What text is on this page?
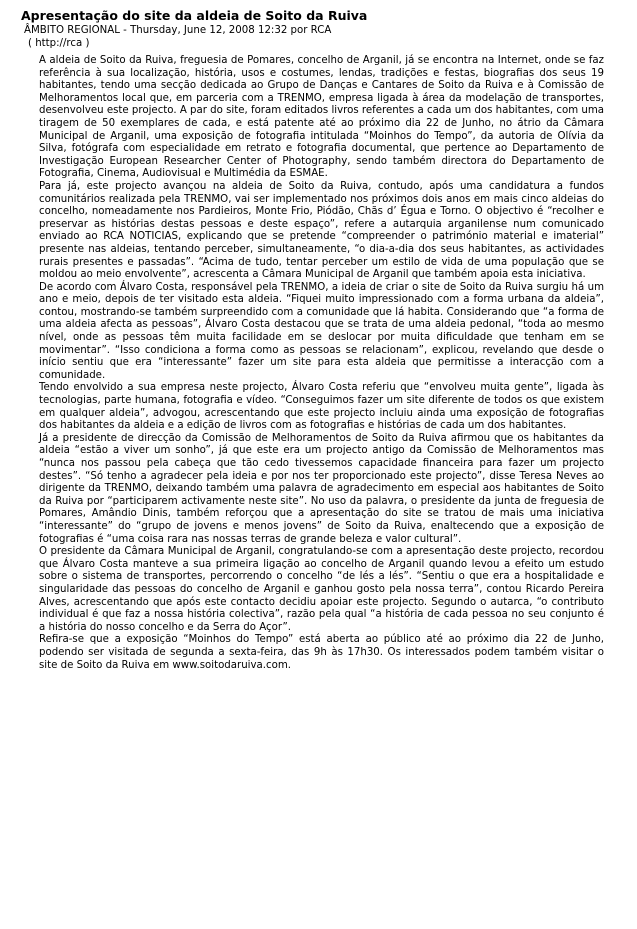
Apresentação do site da aldeia de Soito da Ruiva

ÂMBITO REGIONAL - Thursday, June 12, 2008 12:32 por RCA

( http://rca )

A aldeia de Soito da Ruiva, freguesia de Pomares, concelho de Arganil, já se encontra na Internet, onde se faz referência à sua localização, história, usos e costumes, lendas, tradições e festas, biografias dos seus 19 habitantes, tendo uma secção dedicada ao Grupo de Danças e Cantares de Soito da Ruiva e à Comissão de Melhoramentos local que, em parceria com a TRENMO, empresa ligada à área da modelação de transportes, desenvolveu este projecto. A par do site, foram editados livros referentes a cada um dos habitantes, com uma tiragem de 50 exemplares de cada, e está patente até ao próximo dia 22 de Junho, no átrio da Câmara Municipal de Arganil, uma exposição de fotografia intitulada “Moinhos do Tempo”, da autoria de Olívia da Silva, fotógrafa com especialidade em retrato e fotografia documental, que pertence ao Departamento de Investigação European Researcher Center of Photography, sendo também directora do Departamento de Fotografia, Cinema, Audiovisual e Multimédia da ESMAE.

Para já, este projecto avançou na aldeia de Soito da Ruiva, contudo, após uma candidatura a fundos comunitários realizada pela TRENMO, vai ser implementado nos próximos dois anos em mais cinco aldeias do concelho, nomeadamente nos Pardieiros, Monte Frio, Piódão, Chãs d’ Égua e Torno. O objectivo é “recolher e preservar as histórias destas pessoas e deste espaço”, refere a autarquia arganilense num comunicado enviado ao RCA NOTICIAS, explicando que se pretende “compreender o património material e imaterial” presente nas aldeias, tentando perceber, simultaneamente, “o dia-a-dia dos seus habitantes, as actividades rurais presentes e passadas”. “Acima de tudo, tentar perceber um estilo de vida de uma população que se moldou ao meio envolvente”, acrescenta a Câmara Municipal de Arganil que também apoia esta iniciativa.

De acordo com Álvaro Costa, responsável pela TRENMO, a ideia de criar o site de Soito da Ruiva surgiu há um ano e meio, depois de ter visitado esta aldeia. “Fiquei muito impressionado com a forma urbana da aldeia”, contou, mostrando-se também surpreendido com a comunidade que lá habita. Considerando que “a forma de uma aldeia afecta as pessoas”, Álvaro Costa destacou que se trata de uma aldeia pedonal, “toda ao mesmo nível, onde as pessoas têm muita facilidade em se deslocar por muita dificuldade que tenham em se movimentar”. “Isso condiciona a forma como as pessoas se relacionam”, explicou, revelando que desde o início sentiu que era “interessante” fazer um site para esta aldeia que permitisse a interacção com a comunidade.

Tendo envolvido a sua empresa neste projecto, Álvaro Costa referiu que “envolveu muita gente”, ligada às tecnologias, parte humana, fotografia e vídeo. “Conseguimos fazer um site diferente de todos os que existem em qualquer aldeia”, advogou, acrescentando que este projecto incluiu ainda uma exposição de fotografias dos habitantes da aldeia e a edição de livros com as fotografias e histórias de cada um dos habitantes.

Já a presidente de direcção da Comissão de Melhoramentos de Soito da Ruiva afirmou que os habitantes da aldeia “estão a viver um sonho”, já que este era um projecto antigo da Comissão de Melhoramentos mas “nunca nos passou pela cabeça que tão cedo tivessemos capacidade financeira para fazer um projecto destes”. “Só tenho a agradecer pela ideia e por nos ter proporcionado este projecto”, disse Teresa Neves ao dirigente da TRENMO, deixando também uma palavra de agradecimento em especial aos habitantes de Soito da Ruiva por “participarem activamente neste site”. No uso da palavra, o presidente da junta de freguesia de Pomares, Amândio Dinis, também reforçou que a apresentação do site se tratou de mais uma iniciativa “interessante” do “grupo de jovens e menos jovens” de Soito da Ruiva, enaltecendo que a exposição de fotografias é “uma coisa rara nas nossas terras de grande beleza e valor cultural”.

O presidente da Câmara Municipal de Arganil, congratulando-se com a apresentação deste projecto, recordou que Álvaro Costa manteve a sua primeira ligação ao concelho de Arganil quando levou a efeito um estudo sobre o sistema de transportes, percorrendo o concelho “de lés a lés”. “Sentiu o que era a hospitalidade e singularidade das pessoas do concelho de Arganil e ganhou gosto pela nossa terra”, contou Ricardo Pereira Alves, acrescentando que após este contacto decidiu apoiar este projecto. Segundo o autarca, “o contributo individual é que faz a nossa história colectiva”, razão pela qual “a história de cada pessoa no seu conjunto é a história do nosso concelho e da Serra do Açor”.

Refira-se que a exposição “Moinhos do Tempo” está aberta ao público até ao próximo dia 22 de Junho, podendo ser visitada de segunda a sexta-feira, das 9h às 17h30. Os interessados podem também visitar o site de Soito da Ruiva em www.soitodaruiva.com.
